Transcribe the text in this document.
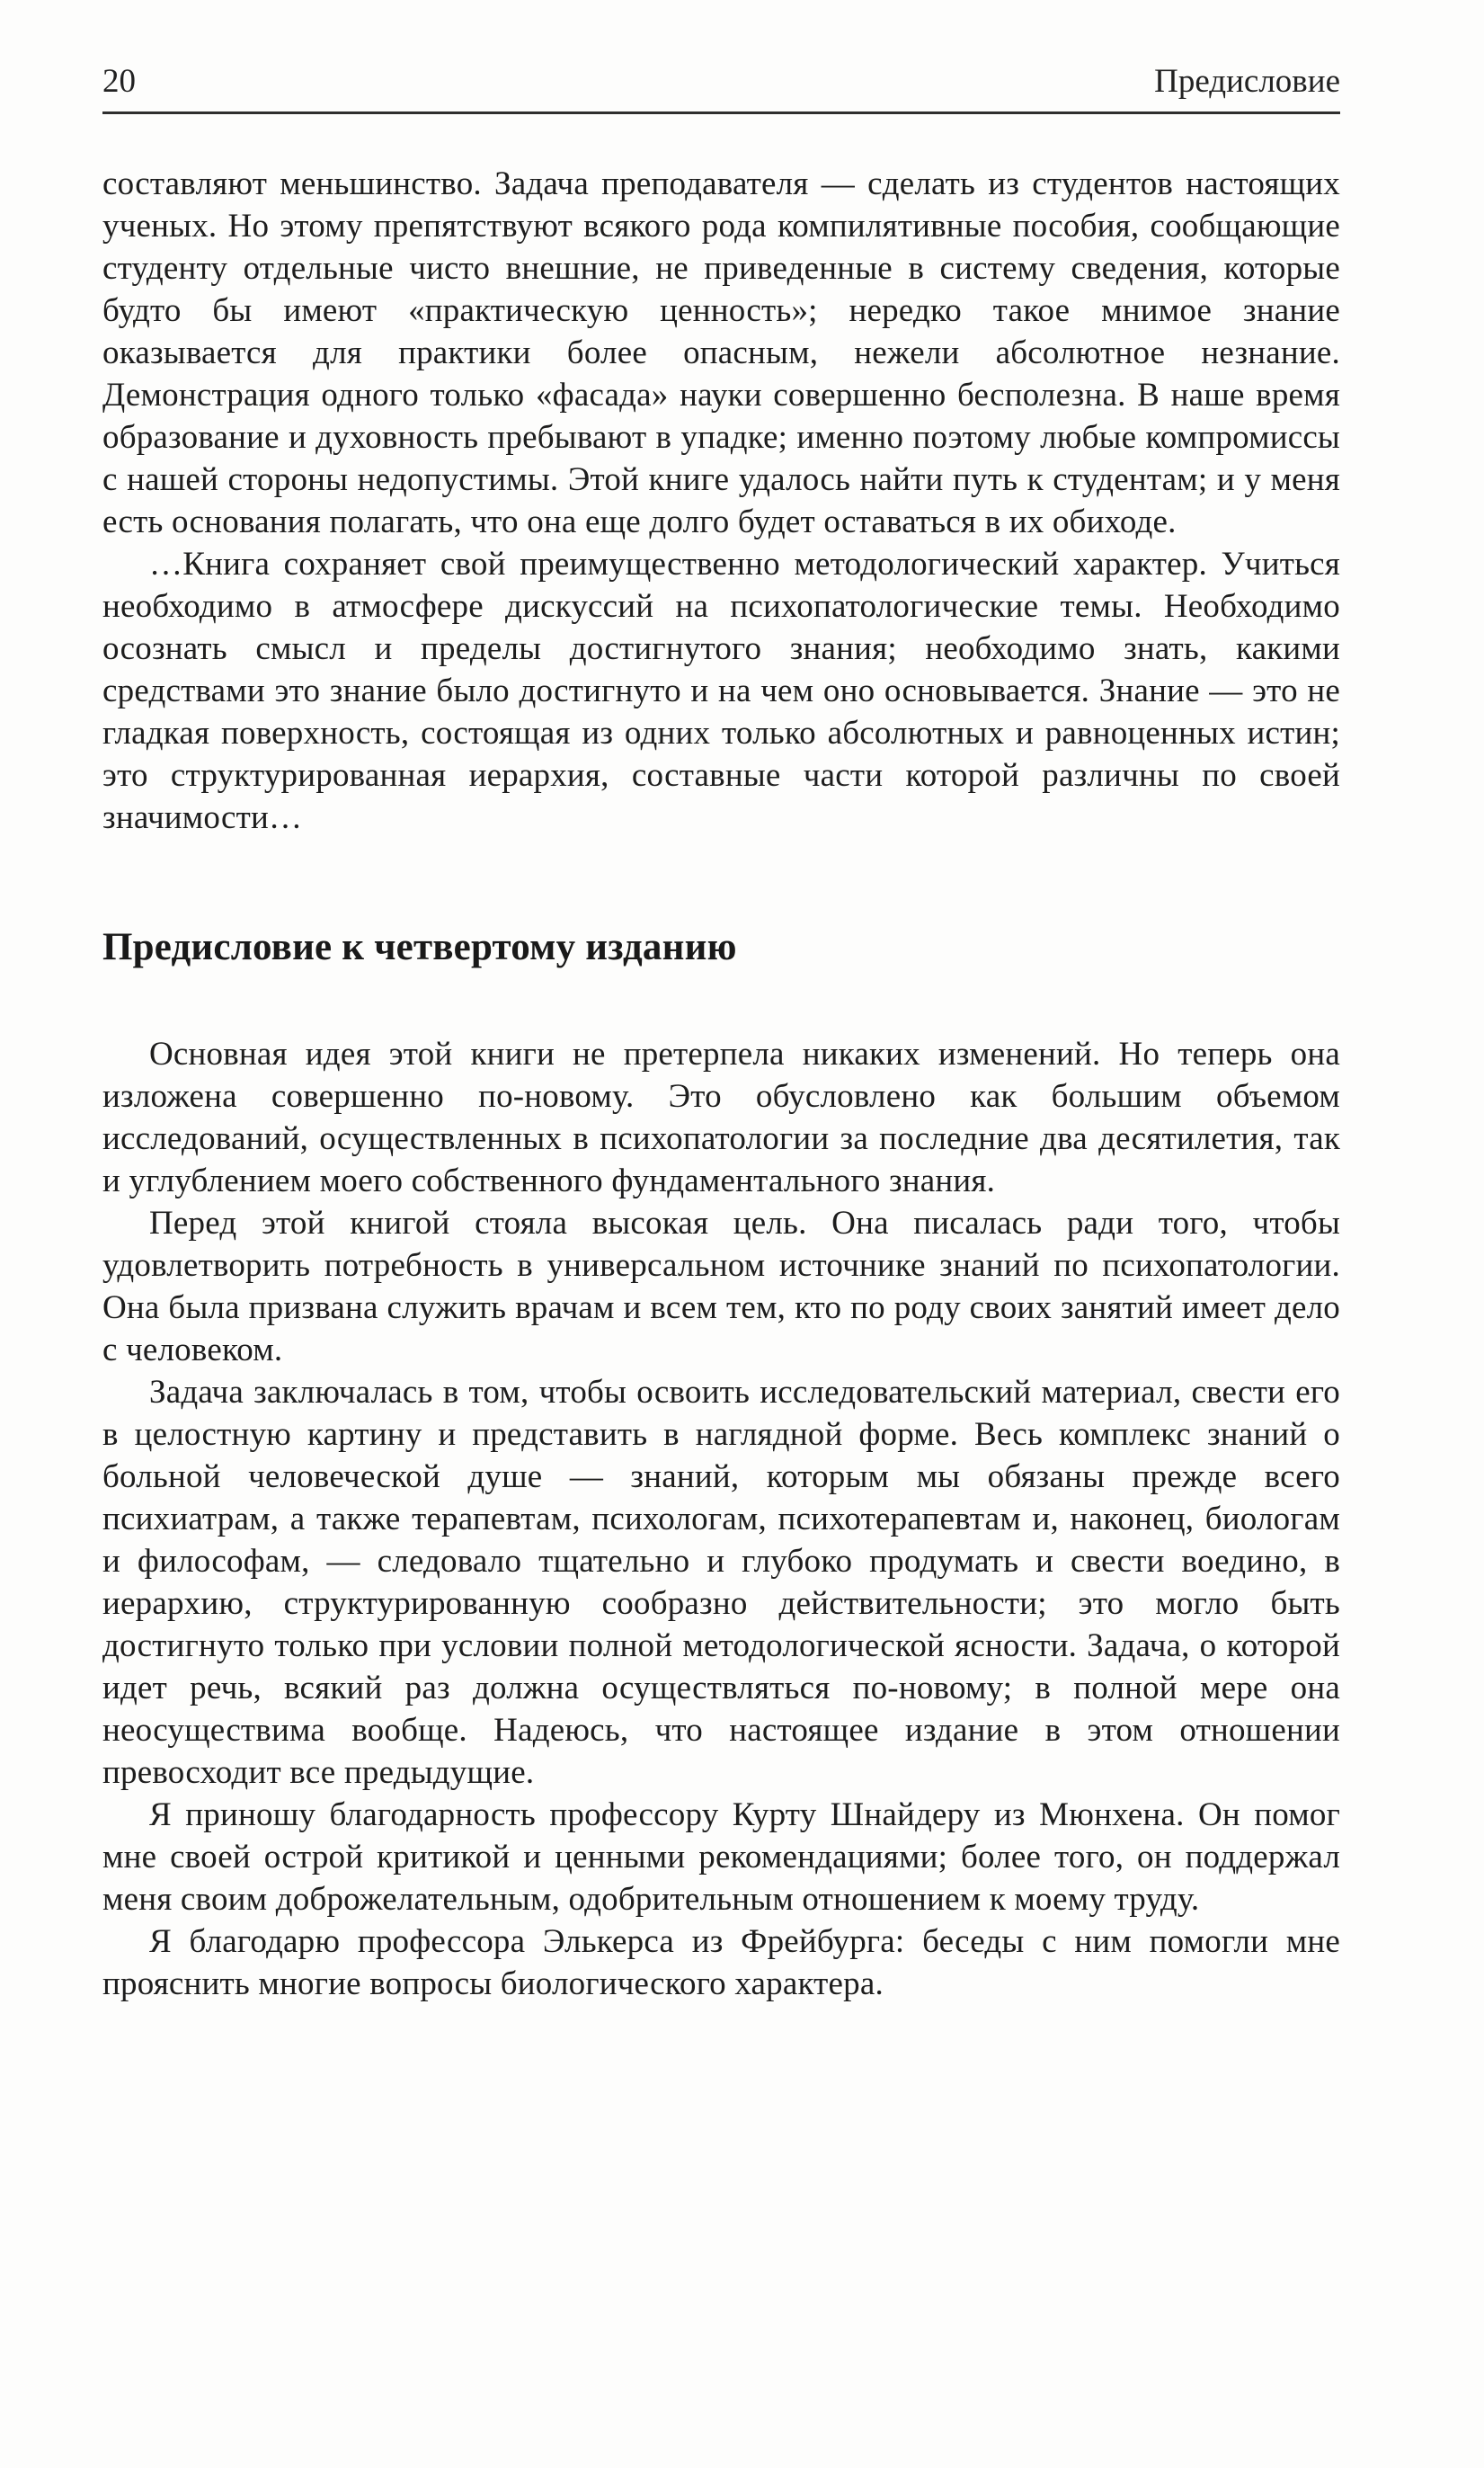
20	Предисловие

составляют меньшинство. Задача преподавателя — сделать из студентов настоящих ученых. Но этому препятствуют всякого рода компилятивные пособия, сообщающие студенту отдельные чисто внешние, не приведенные в систему сведения, которые будто бы имеют «практическую ценность»; нередко такое мнимое знание оказывается для практики более опасным, нежели абсолютное незнание. Демонстрация одного только «фасада» науки совершенно бесполезна. В наше время образование и духовность пребывают в упадке; именно поэтому любые компромиссы с нашей стороны недопустимы. Этой книге удалось найти путь к студентам; и у меня есть основания полагать, что она еще долго будет оставаться в их обиходе.

…Книга сохраняет свой преимущественно методологический характер. Учиться необходимо в атмосфере дискуссий на психопатологические темы. Необходимо осознать смысл и пределы достигнутого знания; необходимо знать, какими средствами это знание было достигнуто и на чем оно основывается. Знание — это не гладкая поверхность, состоящая из одних только абсолютных и равноценных истин; это структурированная иерархия, составные части которой различны по своей значимости…

Предисловие к четвертому изданию

Основная идея этой книги не претерпела никаких изменений. Но теперь она изложена совершенно по-новому. Это обусловлено как большим объемом исследований, осуществленных в психопатологии за последние два десятилетия, так и углублением моего собственного фундаментального знания.

Перед этой книгой стояла высокая цель. Она писалась ради того, чтобы удовлетворить потребность в универсальном источнике знаний по психопатологии. Она была призвана служить врачам и всем тем, кто по роду своих занятий имеет дело с человеком.

Задача заключалась в том, чтобы освоить исследовательский материал, свести его в целостную картину и представить в наглядной форме. Весь комплекс знаний о больной человеческой душе — знаний, которым мы обязаны прежде всего психиатрам, а также терапевтам, психологам, психотерапевтам и, наконец, биологам и философам, — следовало тщательно и глубоко продумать и свести воедино, в иерархию, структурированную сообразно действительности; это могло быть достигнуто только при условии полной методологической ясности. Задача, о которой идет речь, всякий раз должна осуществляться по-новому; в полной мере она неосуществима вообще. Надеюсь, что настоящее издание в этом отношении превосходит все предыдущие.

Я приношу благодарность профессору Курту Шнайдеру из Мюнхена. Он помог мне своей острой критикой и ценными рекомендациями; более того, он поддержал меня своим доброжелательным, одобрительным отношением к моему труду.

Я благодарю профессора Элькерса из Фрейбурга: беседы с ним помогли мне прояснить многие вопросы биологического характера.
